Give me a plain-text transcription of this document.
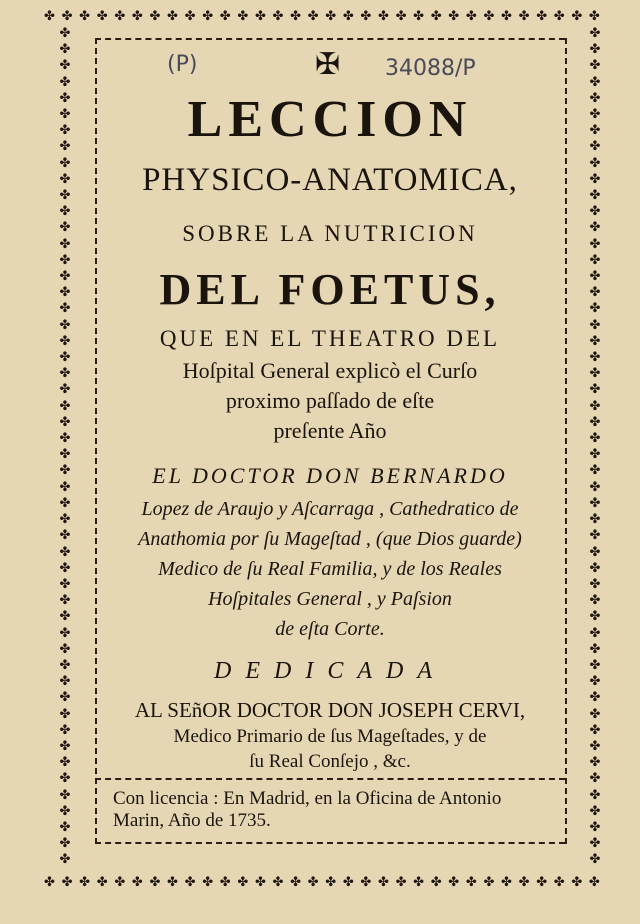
✤ ✤ ✤ ✤ ✤ ✤ ✤ ✤ ✤ ✤ ✤ ✤ ✤ ✤ ✤ ✤ ✤ ✤ ✤ ✤ ✤ ✤ ✤ ✤ ✤ ✤ ✤ ✤ ✤ ✤ ✤ ✤
✤ ✤ ✤ ✤ ✤ ✤ ✤ ✤ ✤ ✤ ✤ ✤ ✤ ✤ ✤ ✤ ✤ ✤ ✤ ✤ ✤ ✤ ✤ ✤ ✤ ✤ ✤ ✤ ✤ ✤ ✤ ✤
✤
✤
✤
✤
✤
✤
✤
✤
✤
✤
✤
✤
✤
✤
✤
✤
✤
✤
✤
✤
✤
✤
✤
✤
✤
✤
✤
✤
✤
✤
✤
✤
✤
✤
✤
✤
✤
✤
✤
✤
✤
✤
✤
✤
✤
✤
✤
✤
✤
✤
✤
✤
✤
✤
✤
✤
✤
✤
✤
✤
✤
✤
✤
✤
✤
✤
✤
✤
✤
✤
✤
✤
✤
✤
✤
✤
✤
✤
✤
✤
✤
✤
✤
✤
✤
✤
✤
✤
✤
✤
✤
✤
✤
✤
✤
✤
✤
✤
✤
✤
✤
✤
✤
✤
(P)	34088/P
✠
LECCION
PHYSICO-ANATOMICA,
SOBRE LA NUTRICION
DEL FOETUS,
QUE EN EL THEATRO DEL
Hoſpital General explicò el Curſo
proximo paſſado de eſte
preſente Año
EL DOCTOR DON BERNARDO
Lopez de Araujo y Aſcarraga , Cathedratico de
Anathomia por ſu Mageſtad , (que Dios guarde)
Medico de ſu Real Familia, y de los Reales
Hoſpitales General , y Paſsion
de eſta Corte.
DEDICADA
AL SEñOR DOCTOR DON JOSEPH CERVI,
Medico Primario de ſus Mageſtades, y de
ſu Real Conſejo , &c.
Con licencia : En Madrid, en la Oficina de Antonio
Marin, Año de 1735.
